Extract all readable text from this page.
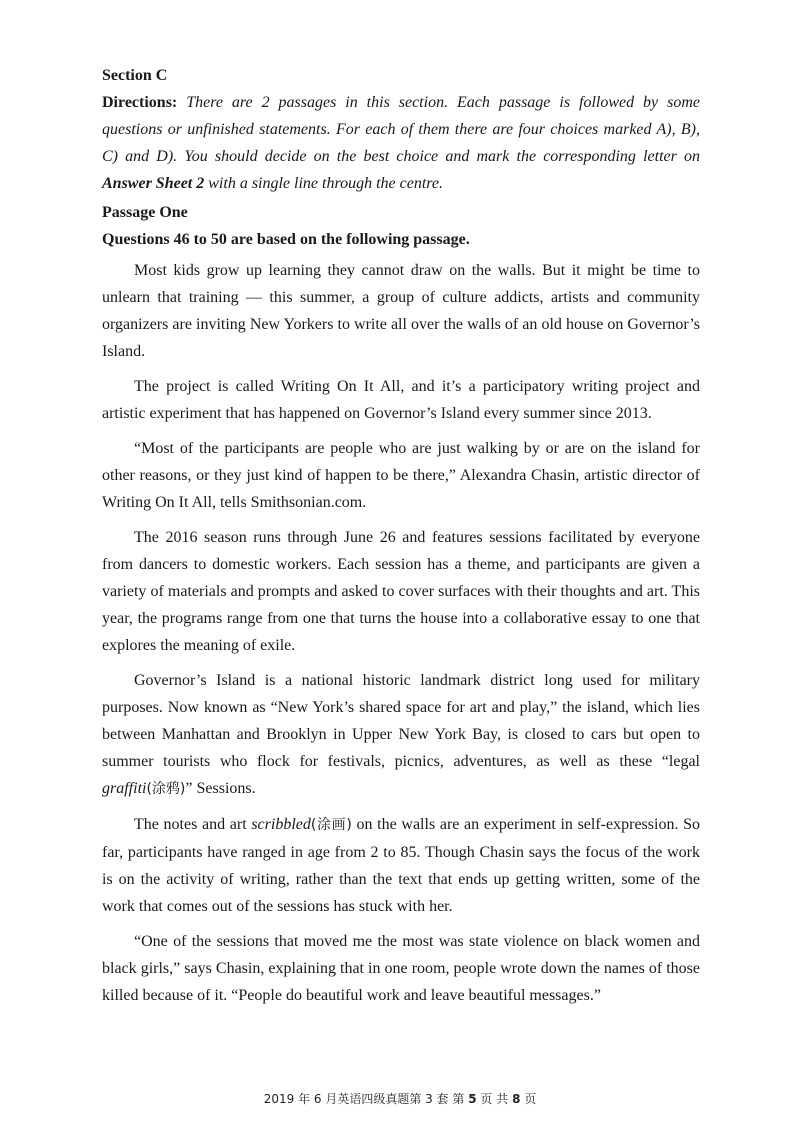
Section C

Directions: There are 2 passages in this section. Each passage is followed by some questions or unfinished statements. For each of them there are four choices marked A), B), C) and D). You should decide on the best choice and mark the corresponding letter on Answer Sheet 2 with a single line through the centre.

Passage One

Questions 46 to 50 are based on the following passage.

Most kids grow up learning they cannot draw on the walls. But it might be time to unlearn that training — this summer, a group of culture addicts, artists and community organizers are inviting New Yorkers to write all over the walls of an old house on Governor’s Island.

The project is called Writing On It All, and it’s a participatory writing project and artistic experiment that has happened on Governor’s Island every summer since 2013.

“Most of the participants are people who are just walking by or are on the island for other reasons, or they just kind of happen to be there,” Alexandra Chasin, artistic director of Writing On It All, tells Smithsonian.com.

The 2016 season runs through June 26 and features sessions facilitated by everyone from dancers to domestic workers. Each session has a theme, and participants are given a variety of materials and prompts and asked to cover surfaces with their thoughts and art. This year, the programs range from one that turns the house into a collaborative essay to one that explores the meaning of exile.

Governor’s Island is a national historic landmark district long used for military purposes. Now known as “New York’s shared space for art and play,” the island, which lies between Manhattan and Brooklyn in Upper New York Bay, is closed to cars but open to summer tourists who flock for festivals, picnics, adventures, as well as these “legal graffiti(涂鸦)” Sessions.

The notes and art scribbled(涂画) on the walls are an experiment in self-expression. So far, participants have ranged in age from 2 to 85. Though Chasin says the focus of the work is on the activity of writing, rather than the text that ends up getting written, some of the work that comes out of the sessions has stuck with her.

“One of the sessions that moved me the most was state violence on black women and black girls,” says Chasin, explaining that in one room, people wrote down the names of those killed because of it. “People do beautiful work and leave beautiful messages.”

2019 年 6 月英语四级真题第 3 套 第 5 页 共 8 页
